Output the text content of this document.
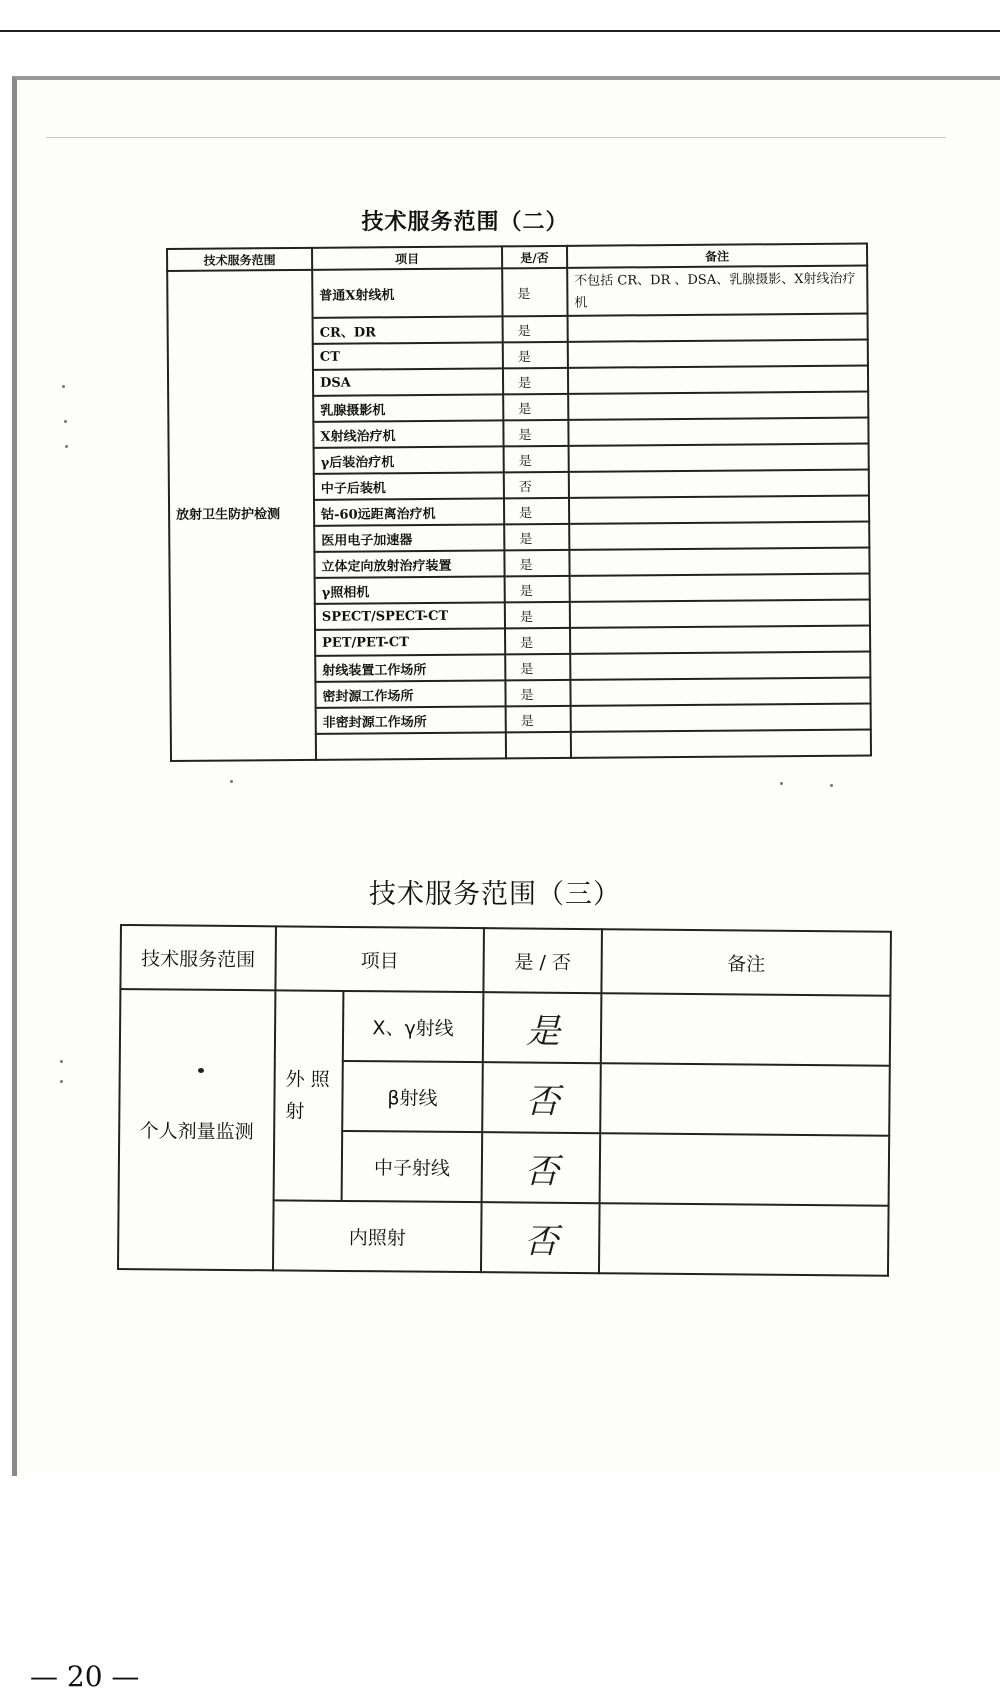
技术服务范围（二）
技术服务范围	项目	是/否	备注
放射卫生防护检测	普通X射线机	是	不包括 CR、DR 、DSA、乳腺摄影、X射线治疗机
	CR、DR	是	
	CT	是	
	DSA	是	
	乳腺摄影机	是	
	X射线治疗机	是	
	γ后装治疗机	是	
	中子后装机	否	
	钴-60远距离治疗机	是	
	医用电子加速器	是	
	立体定向放射治疗装置	是	
	γ照相机	是	
	SPECT/SPECT-CT	是	
	PET/PET-CT	是	
	射线装置工作场所	是	
	密封源工作场所	是	
	非密封源工作场所	是	

技术服务范围（三）
技术服务范围	项目		是 / 否	备注
个人剂量监测	外 照 射	X、γ射线	是	
		β射线	否	
		中子射线	否	
	内照射		否	
— 20 —
